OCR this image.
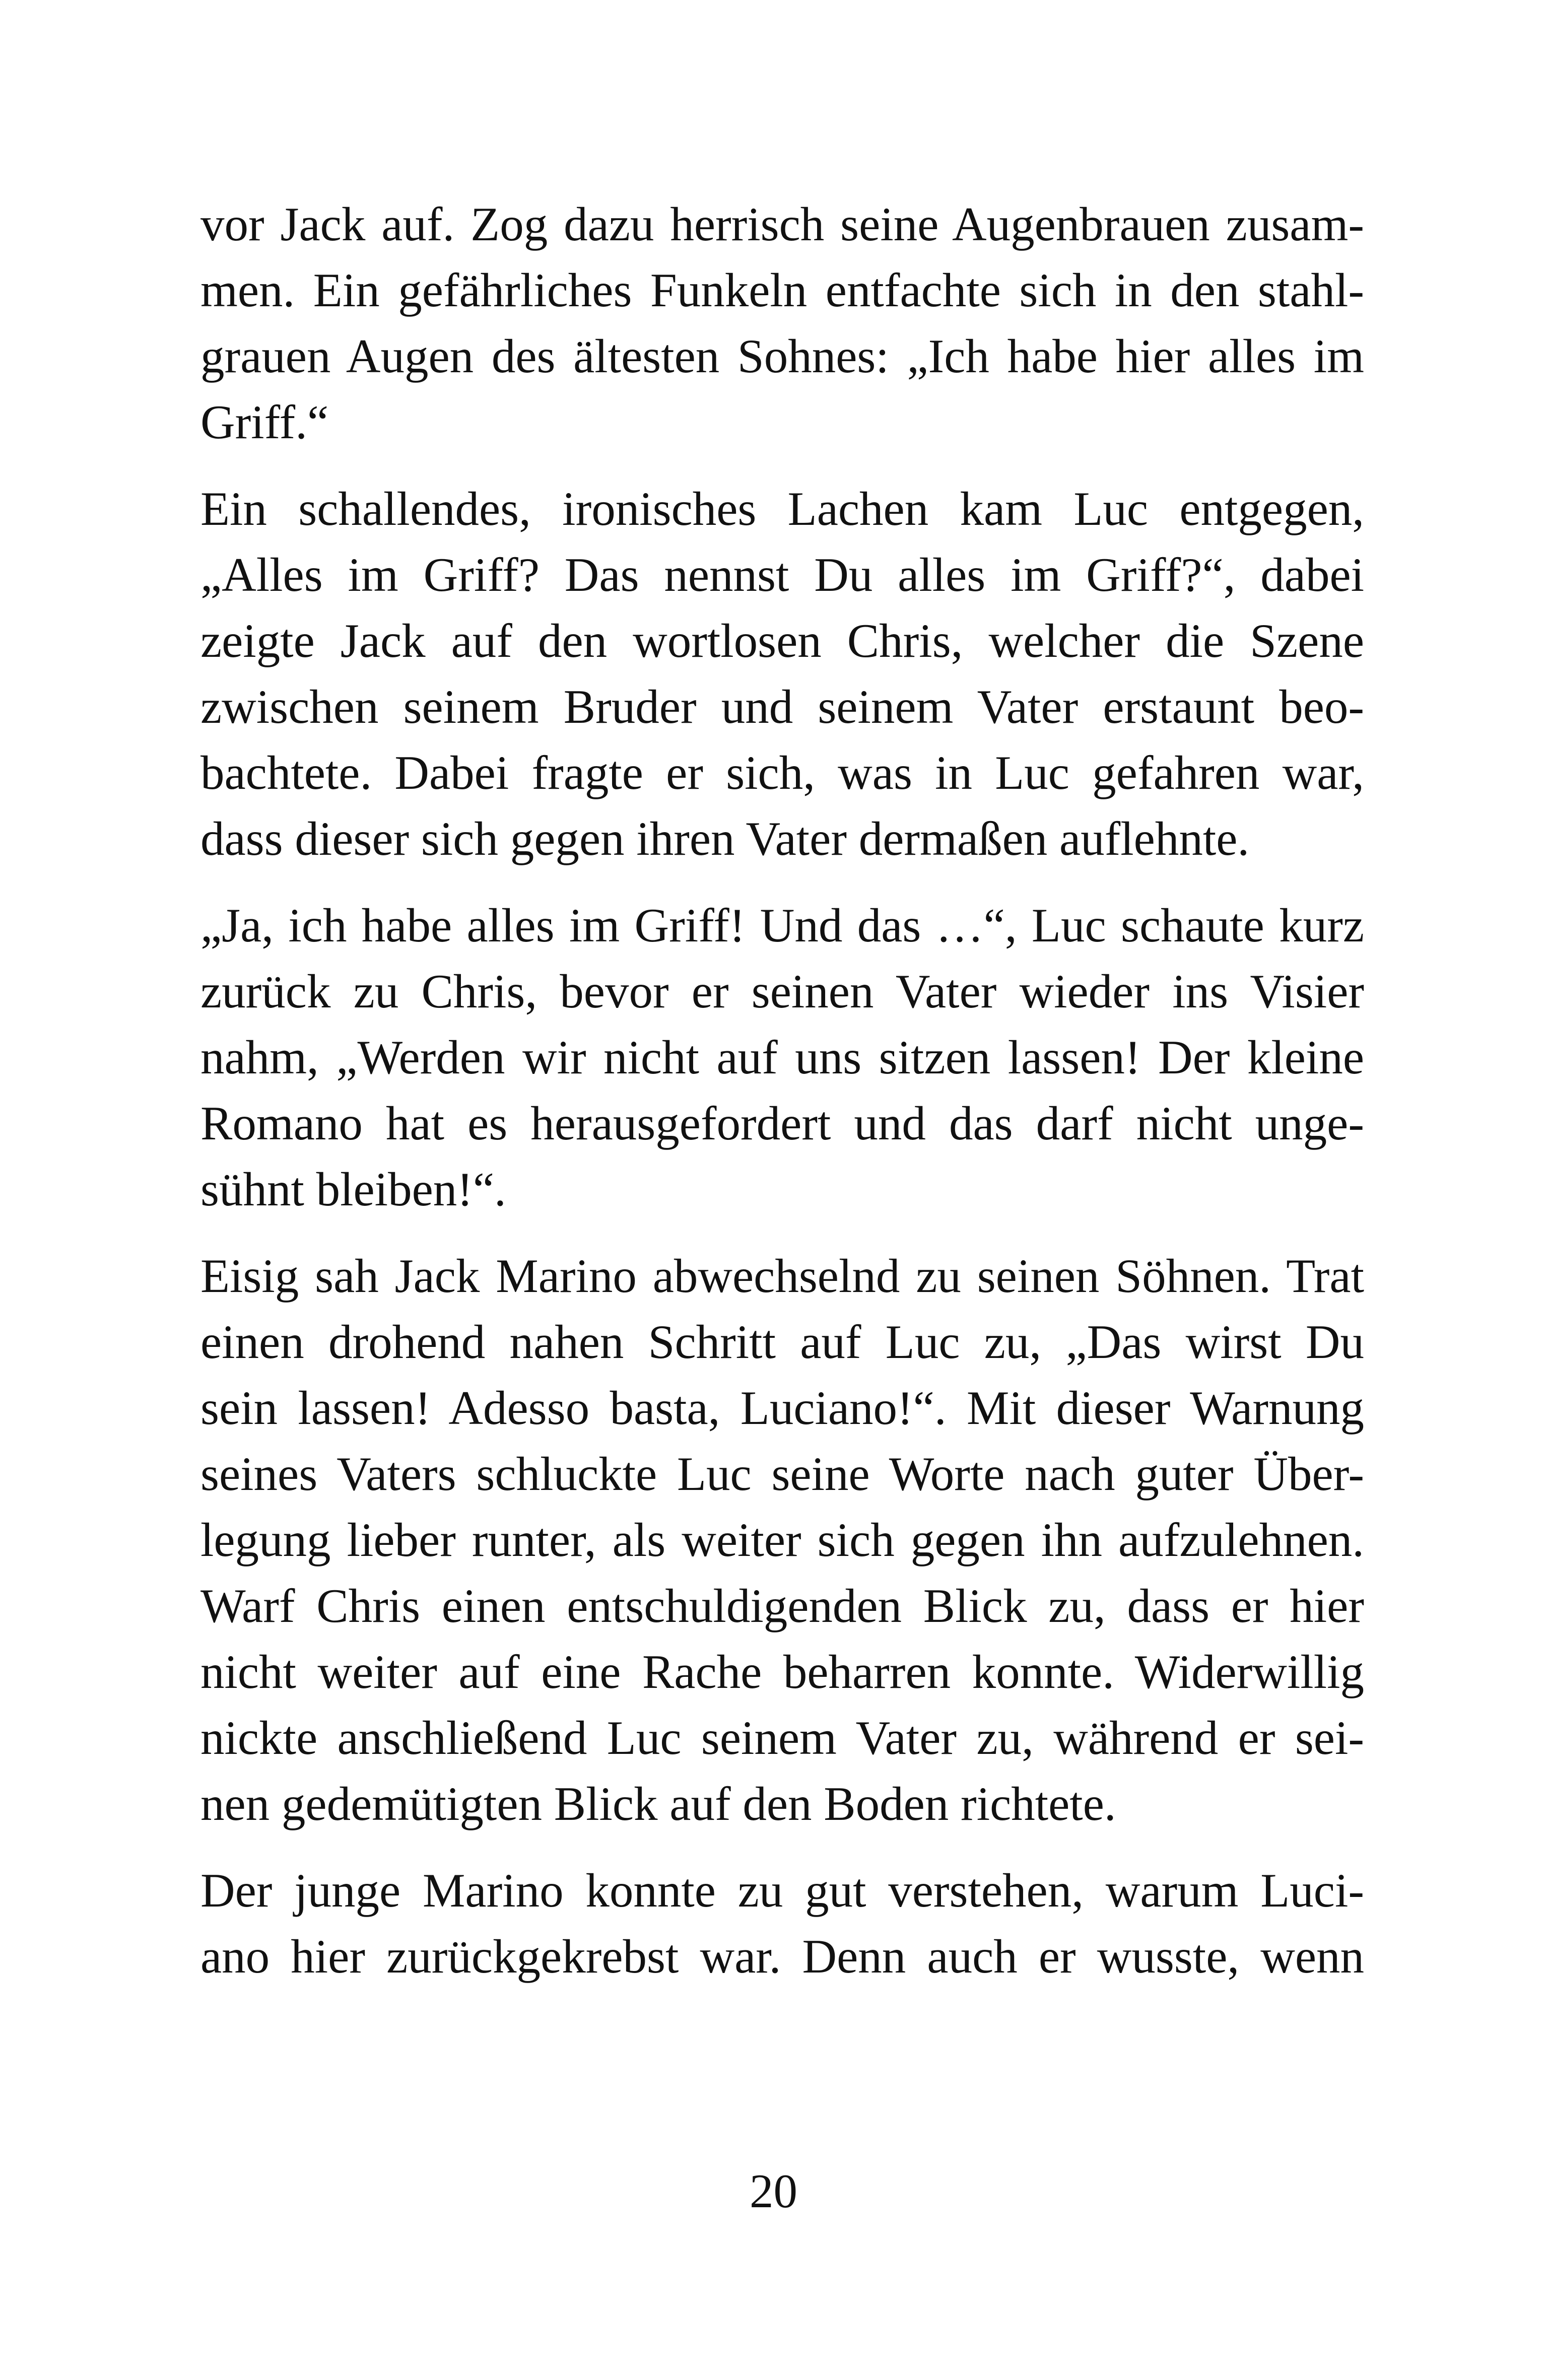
vor Jack auf. Zog dazu herrisch seine Augenbrauen zusam-
men. Ein gefährliches Funkeln entfachte sich in den stahl-
grauen Augen des ältesten Sohnes: „Ich habe hier alles im
Griff.“
Ein schallendes, ironisches Lachen kam Luc entgegen,
„Alles im Griff? Das nennst Du alles im Griff?“, dabei
zeigte Jack auf den wortlosen Chris, welcher die Szene
zwischen seinem Bruder und seinem Vater erstaunt beo-
bachtete. Dabei fragte er sich, was in Luc gefahren war,
dass dieser sich gegen ihren Vater dermaßen auflehnte.
„Ja, ich habe alles im Griff! Und das …“, Luc schaute kurz
zurück zu Chris, bevor er seinen Vater wieder ins Visier
nahm, „Werden wir nicht auf uns sitzen lassen! Der kleine
Romano hat es herausgefordert und das darf nicht unge-
sühnt bleiben!“.
Eisig sah Jack Marino abwechselnd zu seinen Söhnen. Trat
einen drohend nahen Schritt auf Luc zu, „Das wirst Du
sein lassen! Adesso basta, Luciano!“. Mit dieser Warnung
seines Vaters schluckte Luc seine Worte nach guter Über-
legung lieber runter, als weiter sich gegen ihn aufzulehnen.
Warf Chris einen entschuldigenden Blick zu, dass er hier
nicht weiter auf eine Rache beharren konnte. Widerwillig
nickte anschließend Luc seinem Vater zu, während er sei-
nen gedemütigten Blick auf den Boden richtete.
Der junge Marino konnte zu gut verstehen, warum Luci-
ano hier zurückgekrebst war. Denn auch er wusste, wenn
20
